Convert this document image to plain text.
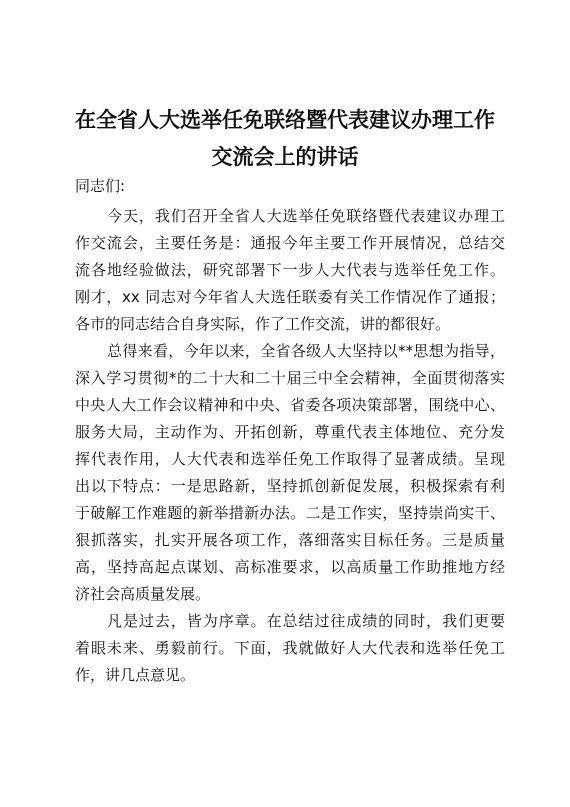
在全省人大选举任免联络暨代表建议办理工作
交流会上的讲话
同志们:
今天，我们召开全省人大选举任免联络暨代表建议办理工
作交流会，主要任务是：通报今年主要工作开展情况，总结交
流各地经验做法，研究部署下一步人大代表与选举任免工作。
刚才，xx 同志对今年省人大选任联委有关工作情况作了通报；
各市的同志结合自身实际，作了工作交流，讲的都很好。
总得来看，今年以来，全省各级人大坚持以**思想为指导，
深入学习贯彻*的二十大和二十届三中全会精神，全面贯彻落实
中央人大工作会议精神和中央、省委各项决策部署，围绕中心、
服务大局，主动作为、开拓创新，尊重代表主体地位、充分发
挥代表作用，人大代表和选举任免工作取得了显著成绩。呈现
出以下特点：一是思路新，坚持抓创新促发展，积极探索有利
于破解工作难题的新举措新办法。二是工作实，坚持崇尚实干、
狠抓落实，扎实开展各项工作，落细落实目标任务。三是质量
高，坚持高起点谋划、高标准要求，以高质量工作助推地方经
济社会高质量发展。
凡是过去，皆为序章。在总结过往成绩的同时，我们更要
着眼未来、勇毅前行。下面，我就做好人大代表和选举任免工
作，讲几点意见。
